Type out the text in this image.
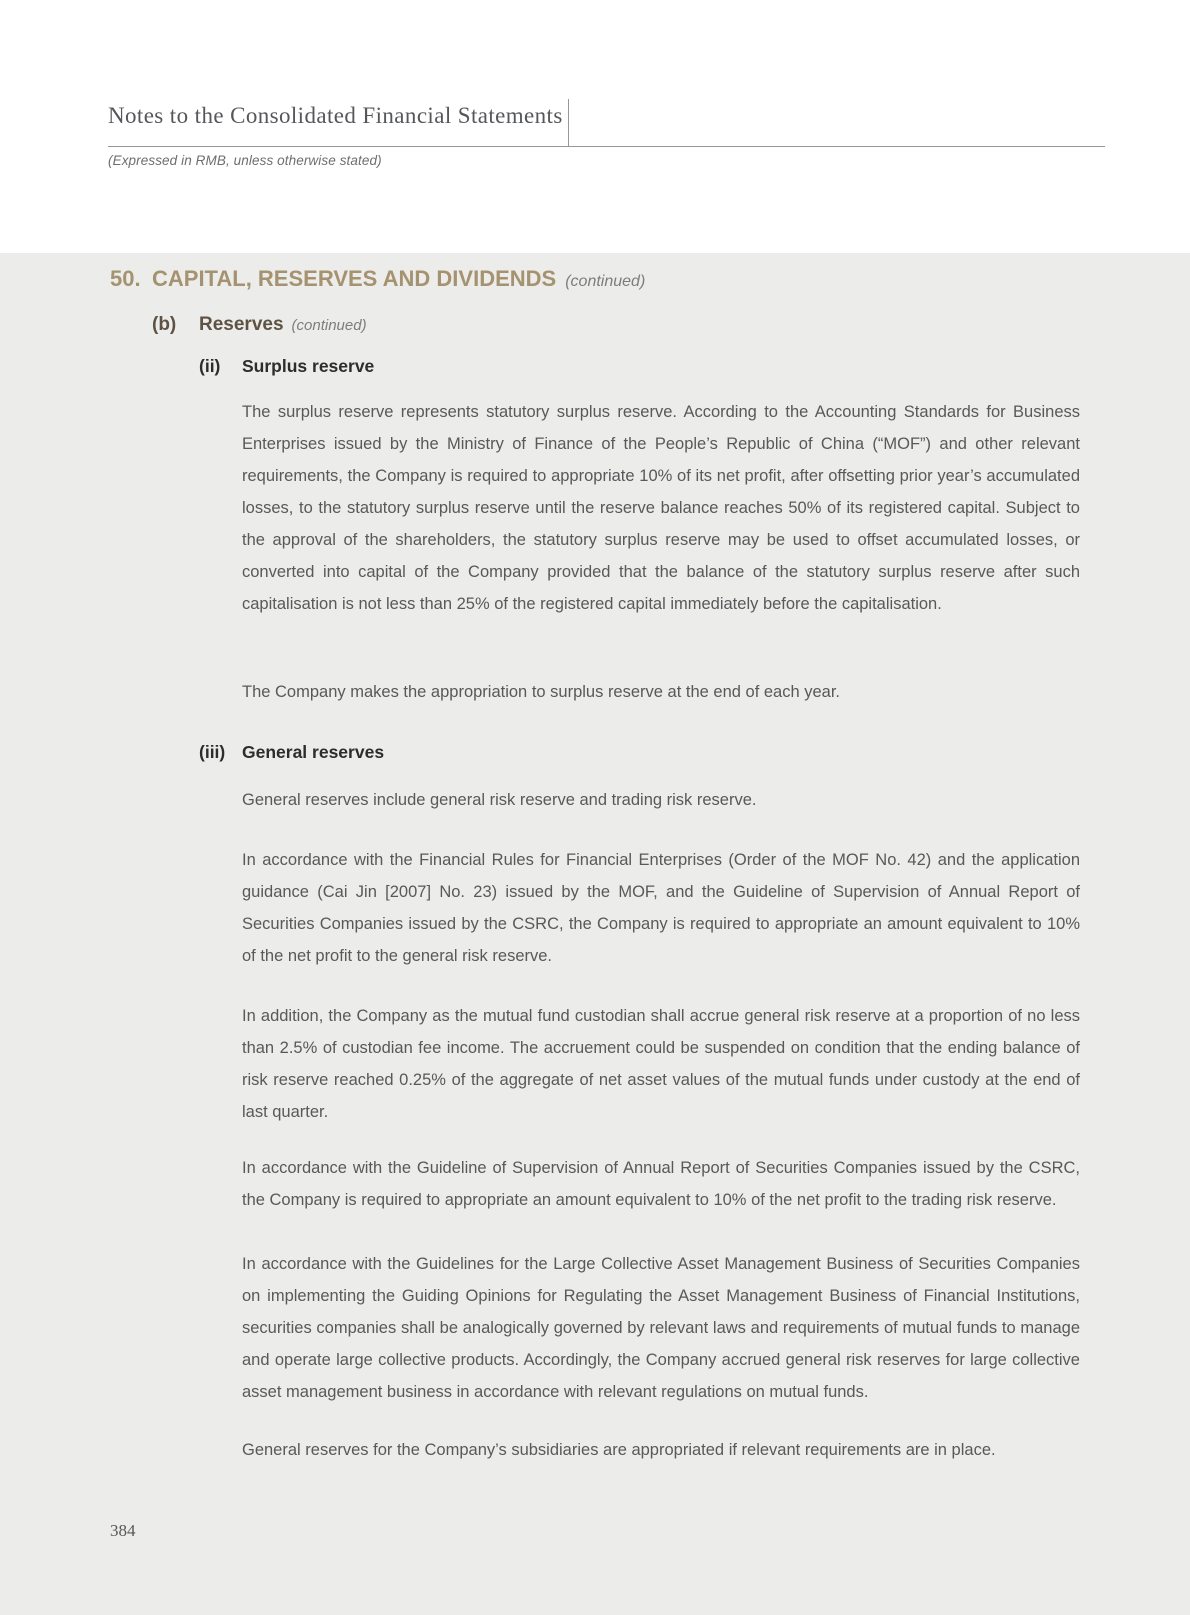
Notes to the Consolidated Financial Statements

(Expressed in RMB, unless otherwise stated)

50. CAPITAL, RESERVES AND DIVIDENDS (continued)
(b)	Reserves (continued)
(ii)	Surplus reserve

The surplus reserve represents statutory surplus reserve. According to the Accounting Standards for Business Enterprises issued by the Ministry of Finance of the People’s Republic of China (“MOF”) and other relevant requirements, the Company is required to appropriate 10% of its net profit, after offsetting prior year’s accumulated losses, to the statutory surplus reserve until the reserve balance reaches 50% of its registered capital. Subject to the approval of the shareholders, the statutory surplus reserve may be used to offset accumulated losses, or converted into capital of the Company provided that the balance of the statutory surplus reserve after such capitalisation is not less than 25% of the registered capital immediately before the capitalisation.

The Company makes the appropriation to surplus reserve at the end of each year.

(iii) General reserves

General reserves include general risk reserve and trading risk reserve.

In accordance with the Financial Rules for Financial Enterprises (Order of the MOF No. 42) and the application guidance (Cai Jin [2007] No. 23) issued by the MOF, and the Guideline of Supervision of Annual Report of Securities Companies issued by the CSRC, the Company is required to appropriate an amount equivalent to 10% of the net profit to the general risk reserve.

In addition, the Company as the mutual fund custodian shall accrue general risk reserve at a proportion of no less than 2.5% of custodian fee income. The accruement could be suspended on condition that the ending balance of risk reserve reached 0.25% of the aggregate of net asset values of the mutual funds under custody at the end of last quarter.

In accordance with the Guideline of Supervision of Annual Report of Securities Companies issued by the CSRC, the Company is required to appropriate an amount equivalent to 10% of the net profit to the trading risk reserve.

In accordance with the Guidelines for the Large Collective Asset Management Business of Securities Companies on implementing the Guiding Opinions for Regulating the Asset Management Business of Financial Institutions, securities companies shall be analogically governed by relevant laws and requirements of mutual funds to manage and operate large collective products. Accordingly, the Company accrued general risk reserves for large collective asset management business in accordance with relevant regulations on mutual funds.

General reserves for the Company’s subsidiaries are appropriated if relevant requirements are in place.

384
